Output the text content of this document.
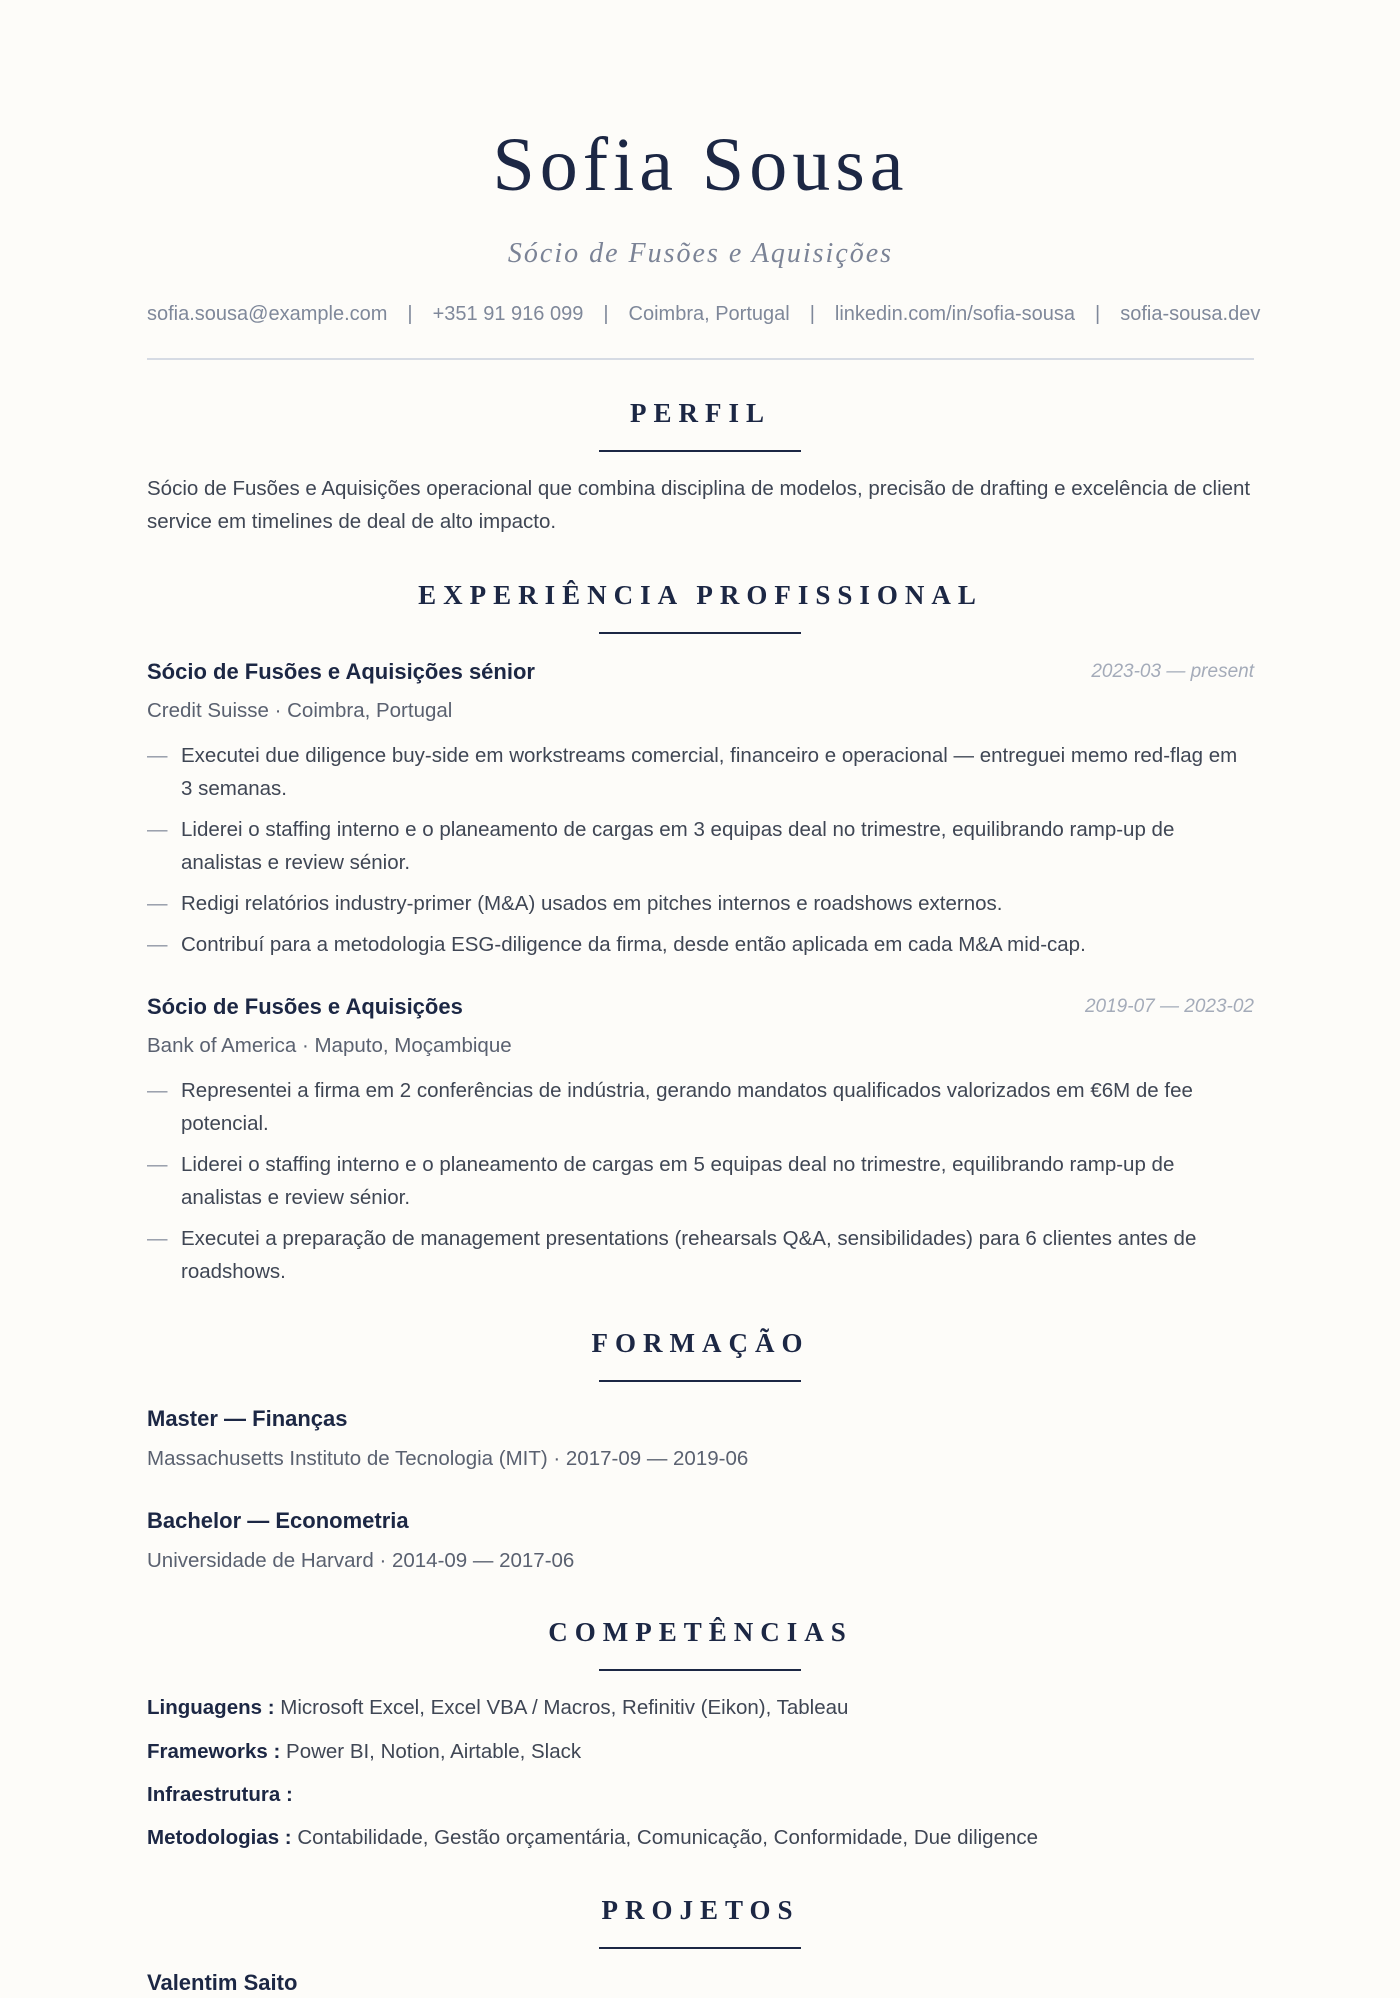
Sofia Sousa
Sócio de Fusões e Aquisições
sofia.sousa@example.com | +351 91 916 099 | Coimbra, Portugal | linkedin.com/in/sofia-sousa | sofia-sousa.dev
PERFIL
Sócio de Fusões e Aquisições operacional que combina disciplina de modelos, precisão de drafting e excelência de client service em timelines de deal de alto impacto.
EXPERIÊNCIA PROFISSIONAL
Sócio de Fusões e Aquisições sénior	2023-03 — present
Credit Suisse · Coimbra, Portugal
— Executei due diligence buy-side em workstreams comercial, financeiro e operacional — entreguei memo red-flag em 3 semanas.
— Liderei o staffing interno e o planeamento de cargas em 3 equipas deal no trimestre, equilibrando ramp-up de analistas e review sénior.
— Redigi relatórios industry-primer (M&A) usados em pitches internos e roadshows externos.
— Contribuí para a metodologia ESG-diligence da firma, desde então aplicada em cada M&A mid-cap.
Sócio de Fusões e Aquisições	2019-07 — 2023-02
Bank of America · Maputo, Moçambique
— Representei a firma em 2 conferências de indústria, gerando mandatos qualificados valorizados em €6M de fee potencial.
— Liderei o staffing interno e o planeamento de cargas em 5 equipas deal no trimestre, equilibrando ramp-up de analistas e review sénior.
— Executei a preparação de management presentations (rehearsals Q&A, sensibilidades) para 6 clientes antes de roadshows.
FORMAÇÃO
Master — Finanças
Massachusetts Instituto de Tecnologia (MIT) · 2017-09 — 2019-06
Bachelor — Econometria
Universidade de Harvard · 2014-09 — 2017-06
COMPETÊNCIAS
Linguagens : Microsoft Excel, Excel VBA / Macros, Refinitiv (Eikon), Tableau
Frameworks : Power BI, Notion, Airtable, Slack
Infraestrutura :
Metodologias : Contabilidade, Gestão orçamentária, Comunicação, Conformidade, Due diligence
PROJETOS
Valentim Saito
